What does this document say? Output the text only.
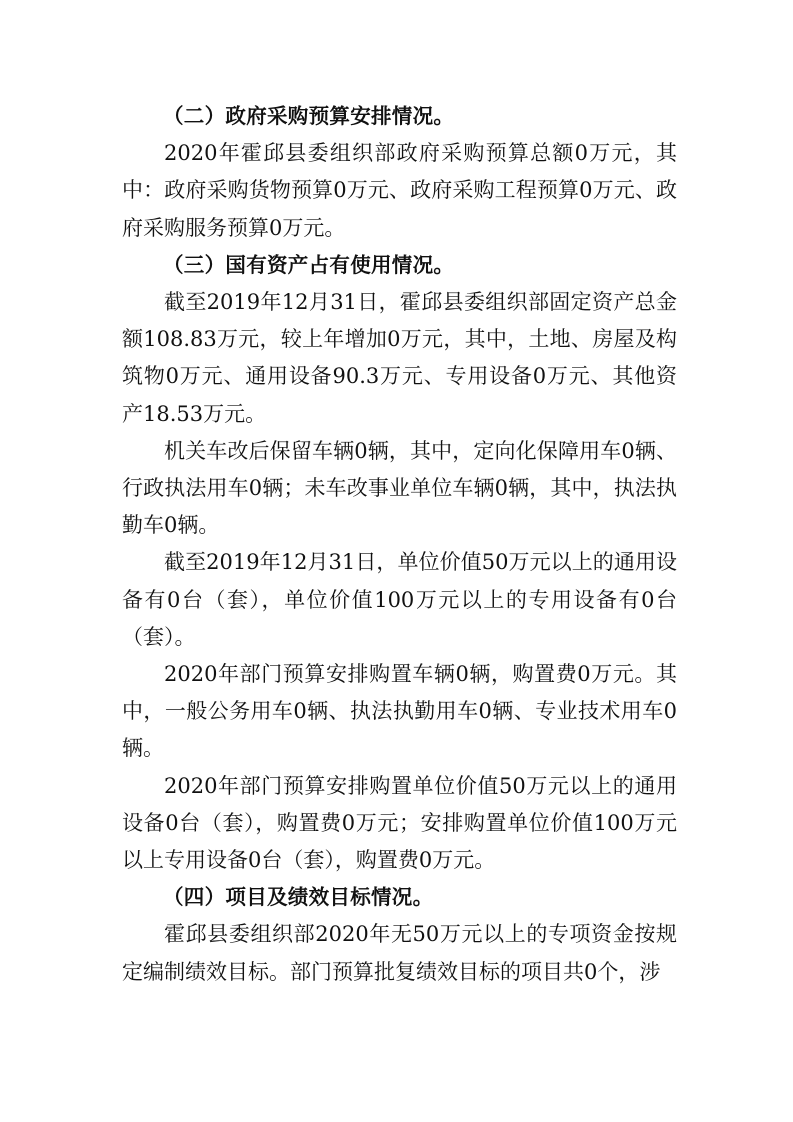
（二）政府采购预算安排情况。

2020年霍邱县委组织部政府采购预算总额0万元，其中：政府采购货物预算0万元、政府采购工程预算0万元、政府采购服务预算0万元。

（三）国有资产占有使用情况。

截至2019年12月31日，霍邱县委组织部固定资产总金额108.83万元，较上年增加0万元，其中，土地、房屋及构筑物0万元、通用设备90.3万元、专用设备0万元、其他资产18.53万元。

机关车改后保留车辆0辆，其中，定向化保障用车0辆、行政执法用车0辆；未车改事业单位车辆0辆，其中，执法执勤车0辆。

截至2019年12月31日，单位价值50万元以上的通用设备有0台（套），单位价值100万元以上的专用设备有0台（套）。

2020年部门预算安排购置车辆0辆，购置费0万元。其中，一般公务用车0辆、执法执勤用车0辆、专业技术用车0辆。

2020年部门预算安排购置单位价值50万元以上的通用设备0台（套），购置费0万元；安排购置单位价值100万元以上专用设备0台（套），购置费0万元。

（四）项目及绩效目标情况。

霍邱县委组织部2020年无50万元以上的专项资金按规定编制绩效目标。部门预算批复绩效目标的项目共0个，涉
